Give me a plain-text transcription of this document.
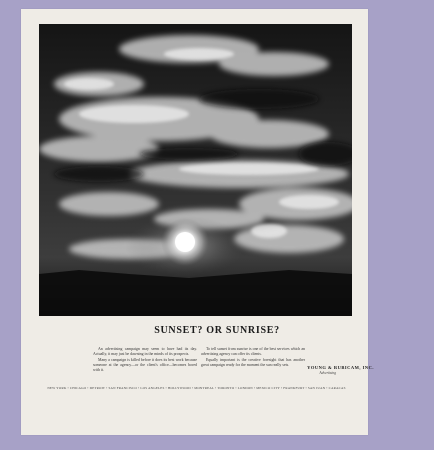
SUNSET? OR SUNRISE?

An advertising campaign may seem to have had its day. Actually, it may just be dawning in the minds of its prospects.

Many a campaign is killed before it does its best work because someone at the agency—or the client's office—becomes bored with it.

To tell sunset from sunrise is one of the best services which an advertising agency can offer its clients.

Equally important is the creative foresight that has another great campaign ready for the moment the sun really sets.

YOUNG & RUBICAM, INC.
Advertising
NEW YORK • CHICAGO • DETROIT • SAN FRANCISCO • LOS ANGELES • HOLLYWOOD • MONTREAL • TORONTO • LONDON • MEXICO CITY • FRANKFURT • SAN JUAN • CARACAS
